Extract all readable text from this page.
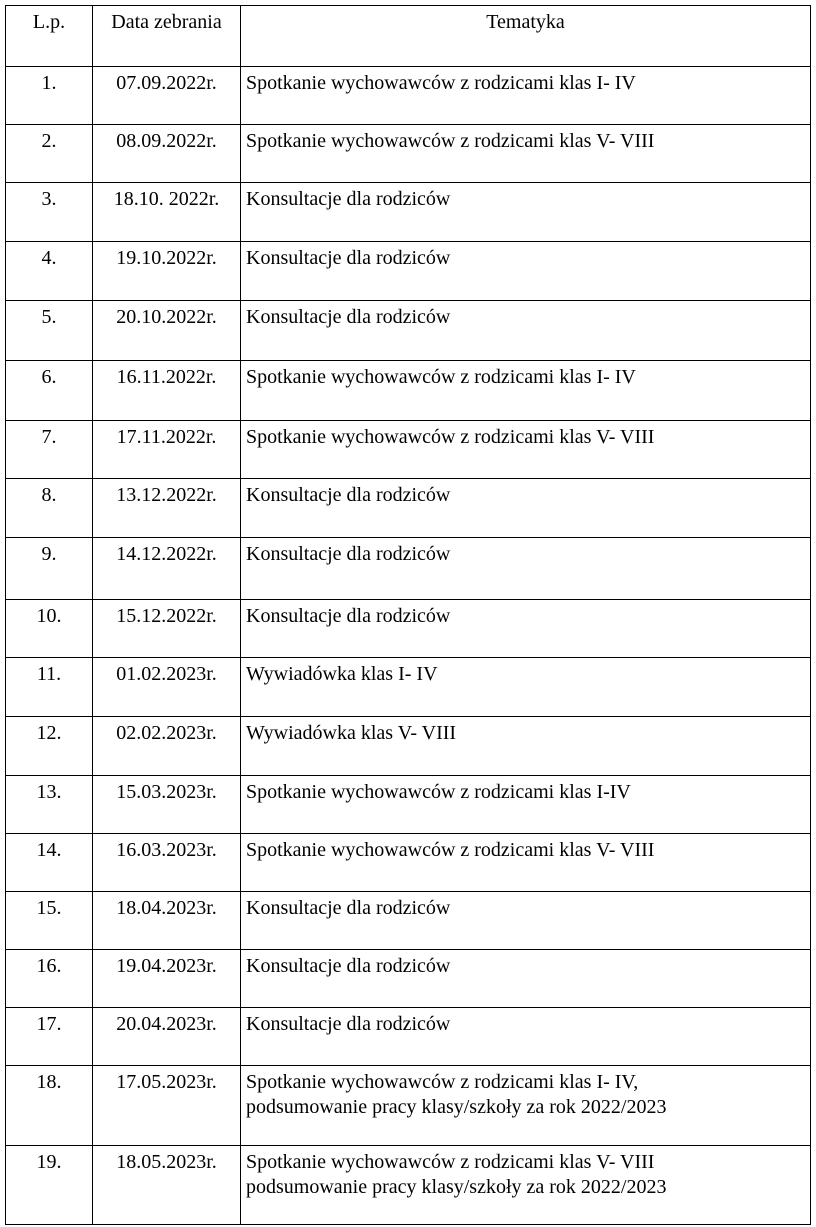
L.p.	Data zebrania	Tematyka
1.	07.09.2022r.	Spotkanie wychowawców z rodzicami klas I- IV

2.	08.09.2022r.	Spotkanie wychowawców z rodzicami klas V- VIII

3.	18.10. 2022r.	Konsultacje dla rodziców

4.	19.10.2022r.	Konsultacje dla rodziców

5.	20.10.2022r.	Konsultacje dla rodziców

6.	16.11.2022r.	Spotkanie wychowawców z rodzicami klas I- IV

7.	17.11.2022r.	Spotkanie wychowawców z rodzicami klas V- VIII

8.	13.12.2022r.	Konsultacje dla rodziców

9.	14.12.2022r.	Konsultacje dla rodziców

10.	15.12.2022r.	Konsultacje dla rodziców

11.	01.02.2023r.	Wywiadówka klas I- IV

12.	02.02.2023r.	Wywiadówka klas V- VIII

13.	15.03.2023r.	Spotkanie wychowawców z rodzicami klas I-IV

14.	16.03.2023r.	Spotkanie wychowawców z rodzicami klas V- VIII

15.	18.04.2023r.	Konsultacje dla rodziców

16.	19.04.2023r.	Konsultacje dla rodziców

17.	20.04.2023r.	Konsultacje dla rodziców

18.	17.05.2023r.	Spotkanie wychowawców z rodzicami klas I- IV,
podsumowanie pracy klasy/szkoły za rok 2022/2023

19.	18.05.2023r.	Spotkanie wychowawców z rodzicami klas V- VIII
podsumowanie pracy klasy/szkoły za rok 2022/2023
